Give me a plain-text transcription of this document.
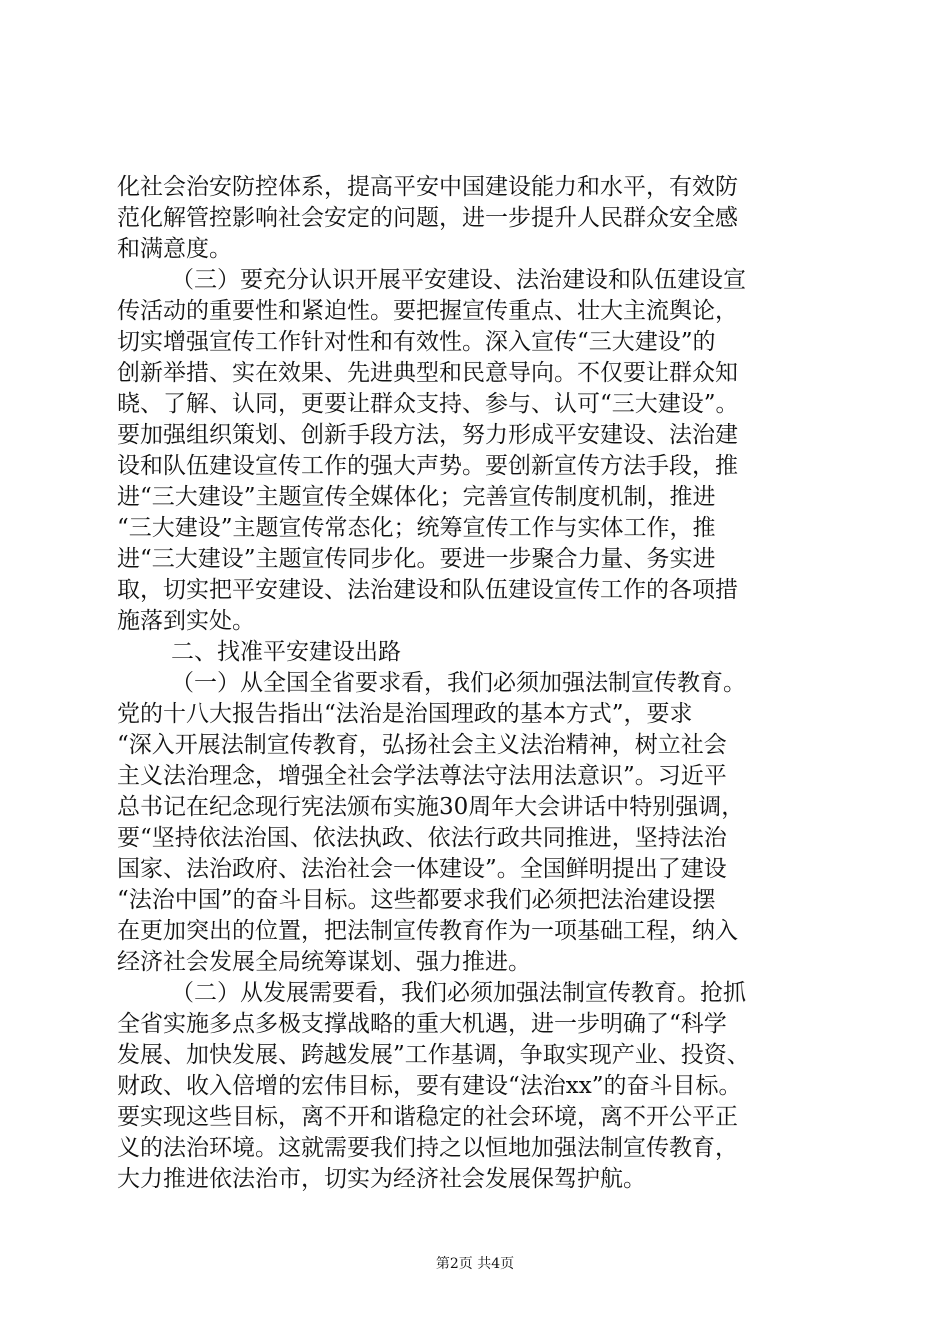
化社会治安防控体系，提高平安中国建设能力和水平，有效防
范化解管控影响社会安定的问题，进一步提升人民群众安全感
和满意度。
（三）要充分认识开展平安建设、法治建设和队伍建设宣
传活动的重要性和紧迫性。要把握宣传重点、壮大主流舆论，
切实增强宣传工作针对性和有效性。深入宣传“三大建设”的
创新举措、实在效果、先进典型和民意导向。不仅要让群众知
晓、了解、认同，更要让群众支持、参与、认可“三大建设”。
要加强组织策划、创新手段方法，努力形成平安建设、法治建
设和队伍建设宣传工作的强大声势。要创新宣传方法手段，推
进“三大建设”主题宣传全媒体化；完善宣传制度机制，推进
“三大建设”主题宣传常态化；统筹宣传工作与实体工作，推
进“三大建设”主题宣传同步化。要进一步聚合力量、务实进
取，切实把平安建设、法治建设和队伍建设宣传工作的各项措
施落到实处。
二、找准平安建设出路
（一）从全国全省要求看，我们必须加强法制宣传教育。
党的十八大报告指出“法治是治国理政的基本方式”，要求
“深入开展法制宣传教育，弘扬社会主义法治精神，树立社会
主义法治理念，增强全社会学法尊法守法用法意识”。习近平
总书记在纪念现行宪法颁布实施30周年大会讲话中特别强调，
要“坚持依法治国、依法执政、依法行政共同推进，坚持法治
国家、法治政府、法治社会一体建设”。全国鲜明提出了建设
“法治中国”的奋斗目标。这些都要求我们必须把法治建设摆
在更加突出的位置，把法制宣传教育作为一项基础工程，纳入
经济社会发展全局统筹谋划、强力推进。
（二）从发展需要看，我们必须加强法制宣传教育。抢抓
全省实施多点多极支撑战略的重大机遇，进一步明确了“科学
发展、加快发展、跨越发展”工作基调，争取实现产业、投资、
财政、收入倍增的宏伟目标，要有建设“法治xx”的奋斗目标。
要实现这些目标，离不开和谐稳定的社会环境，离不开公平正
义的法治环境。这就需要我们持之以恒地加强法制宣传教育，
大力推进依法治市，切实为经济社会发展保驾护航。
第2页 共4页
